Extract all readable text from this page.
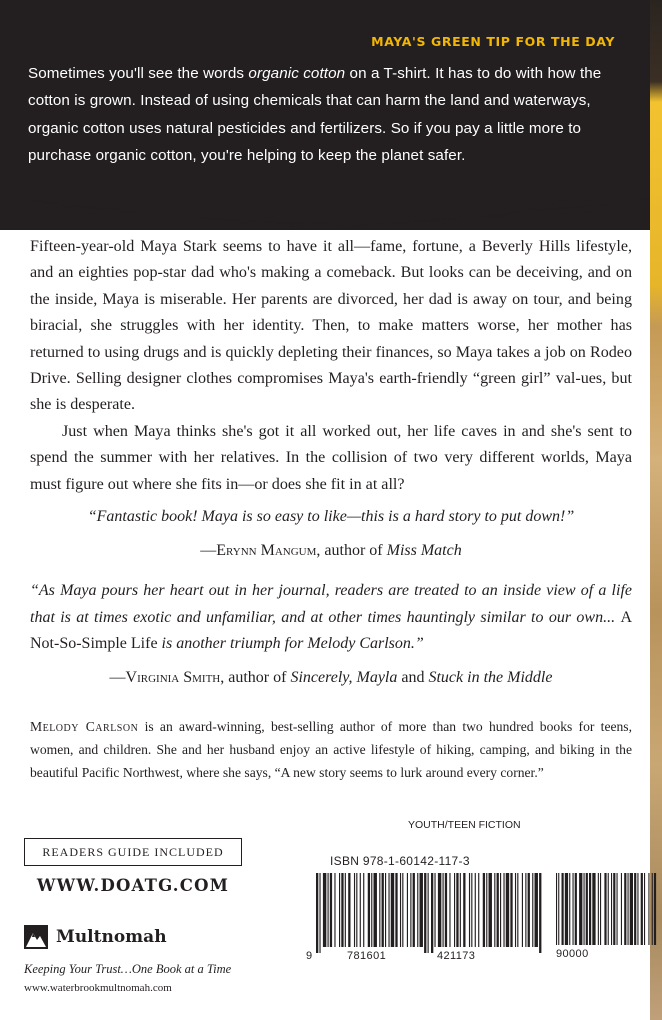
MAYA'S GREEN TIP FOR THE DAY
Sometimes you'll see the words organic cotton on a T-shirt. It has to do with how the cotton is grown. Instead of using chemicals that can harm the land and waterways, organic cotton uses natural pesticides and fertilizers. So if you pay a little more to purchase organic cotton, you're helping to keep the planet safer.

Fifteen-year-old Maya Stark seems to have it all—fame, fortune, a Beverly Hills lifestyle, and an eighties pop-star dad who's making a comeback. But looks can be deceiving, and on the inside, Maya is miserable. Her parents are divorced, her dad is away on tour, and being biracial, she struggles with her identity. Then, to make matters worse, her mother has returned to using drugs and is quickly depleting their finances, so Maya takes a job on Rodeo Drive. Selling designer clothes compromises Maya's earth-friendly “green girl” val-ues, but she is desperate.

Just when Maya thinks she's got it all worked out, her life caves in and she's sent to spend the summer with her relatives. In the collision of two very different worlds, Maya must figure out where she fits in—or does she fit in at all?

“Fantastic book! Maya is so easy to like—this is a hard story to put down!”
—Erynn Mangum, author of Miss Match
“As Maya pours her heart out in her journal, readers are treated to an inside view of a life that is at times exotic and unfamiliar, and at other times hauntingly similar to our own... A Not-So-Simple Life is another triumph for Melody Carlson.”
—Virginia Smith, author of Sincerely, Mayla and Stuck in the Middle
Melody Carlson is an award-winning, best-selling author of more than two hundred books for teens, women, and children. She and her husband enjoy an active lifestyle of hiking, camping, and biking in the beautiful Pacific Northwest, where she says, “A new story seems to lurk around every corner.”
YOUTH/TEEN FICTION
READERS GUIDE INCLUDED
WWW.DOATG.COM
Multnomah
Keeping Your Trust…One Book at a Time
www.waterbrookmultnomah.com
ISBN 978-1-60142-117-3
9	781601	421173	90000
